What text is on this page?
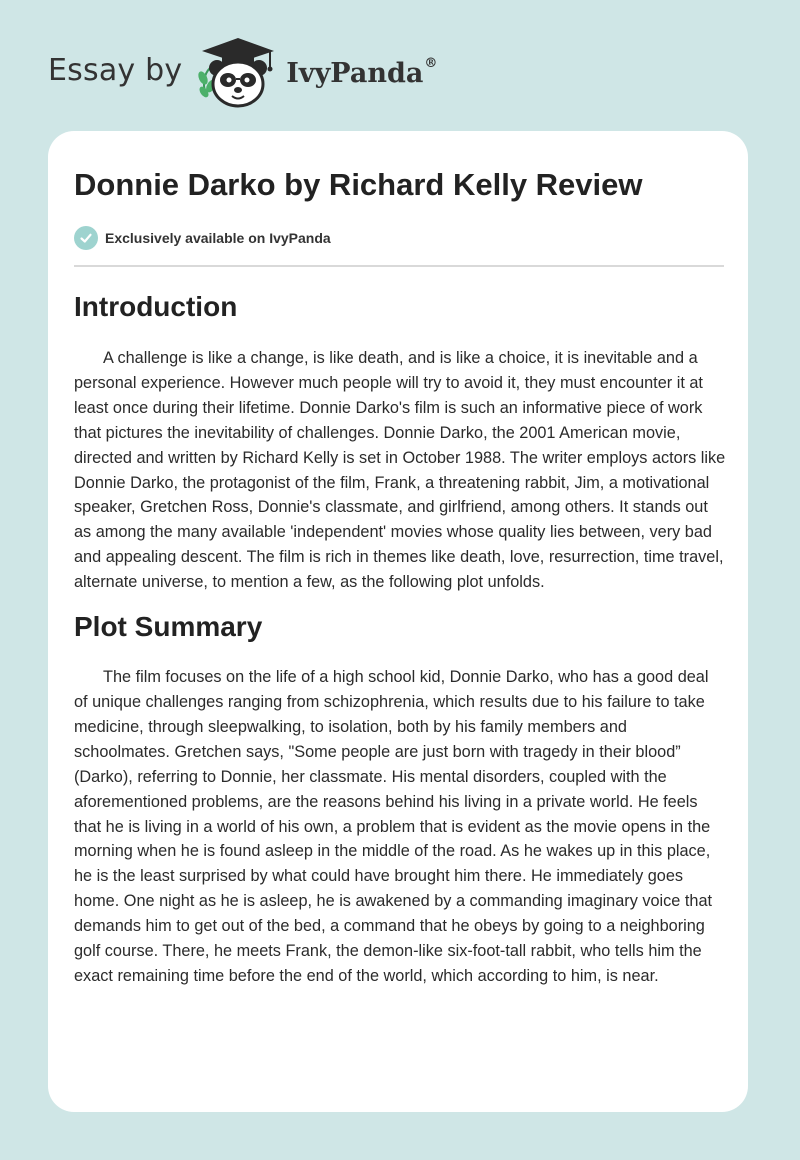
Essay by	IvyPanda®
Donnie Darko by Richard Kelly Review
Exclusively available on IvyPanda
Introduction

A challenge is like a change, is like death, and is like a choice, it is inevitable and a personal experience. However much people will try to avoid it, they must encounter it at least once during their lifetime. Donnie Darko's film is such an informative piece of work that pictures the inevitability of challenges. Donnie Darko, the 2001 American movie, directed and written by Richard Kelly is set in October 1988. The writer employs actors like Donnie Darko, the protagonist of the film, Frank, a threatening rabbit, Jim, a motivational speaker, Gretchen Ross, Donnie's classmate, and girlfriend, among others. It stands out as among the many available 'independent' movies whose quality lies between, very bad and appealing descent. The film is rich in themes like death, love, resurrection, time travel, alternate universe, to mention a few, as the following plot unfolds.

Plot Summary

The film focuses on the life of a high school kid, Donnie Darko, who has a good deal of unique challenges ranging from schizophrenia, which results due to his failure to take medicine, through sleepwalking, to isolation, both by his family members and schoolmates. Gretchen says, "Some people are just born with tragedy in their blood” (Darko), referring to Donnie, her classmate. His mental disorders, coupled with the aforementioned problems, are the reasons behind his living in a private world. He feels that he is living in a world of his own, a problem that is evident as the movie opens in the morning when he is found asleep in the middle of the road. As he wakes up in this place, he is the least surprised by what could have brought him there. He immediately goes home. One night as he is asleep, he is awakened by a commanding imaginary voice that demands him to get out of the bed, a command that he obeys by going to a neighboring golf course. There, he meets Frank, the demon-like six-foot-tall rabbit, who tells him the exact remaining time before the end of the world, which according to him, is near.
